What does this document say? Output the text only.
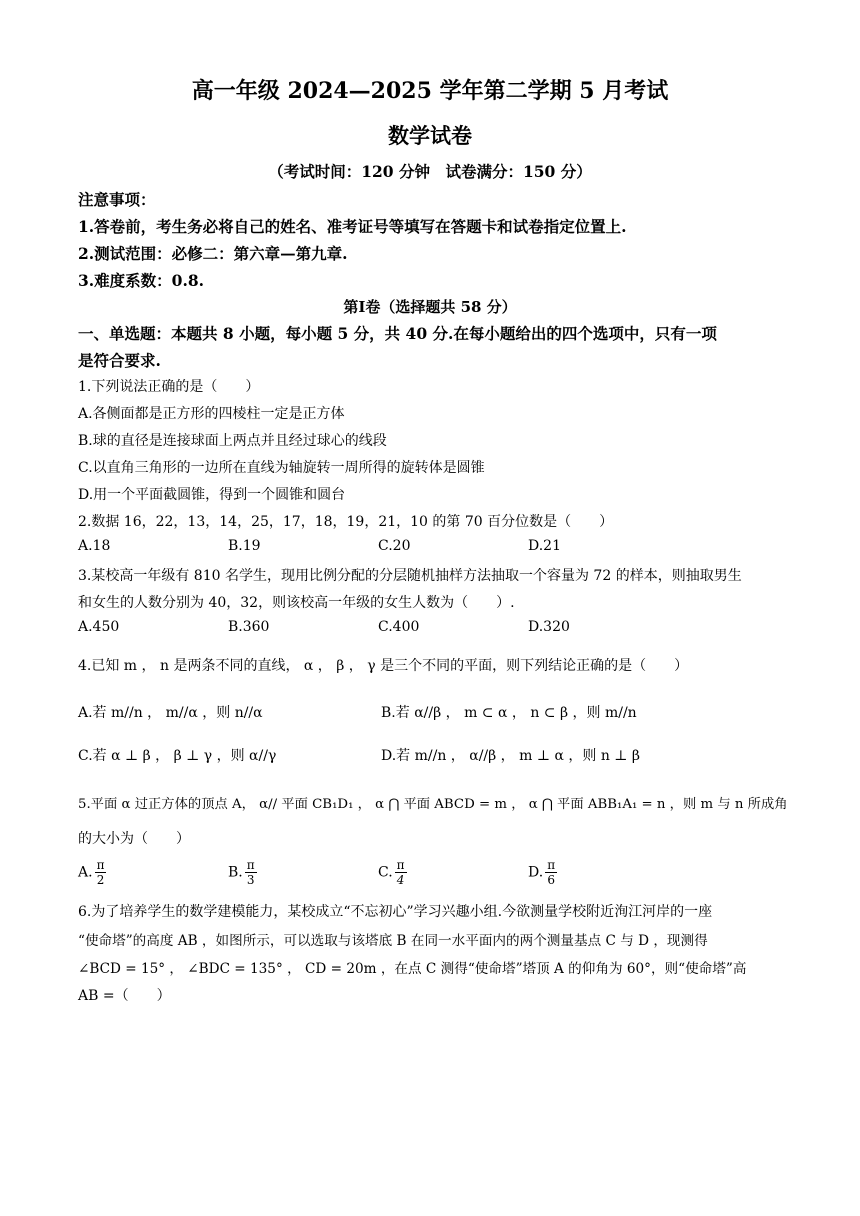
高一年级 2024—2025 学年第二学期 5 月考试
数学试卷
（考试时间：120 分钟　试卷满分：150 分）
注意事项：
1.答卷前，考生务必将自己的姓名、准考证号等填写在答题卡和试卷指定位置上.
2.测试范围：必修二：第六章—第九章.
3.难度系数：0.8.
第Ⅰ卷（选择题共 58 分）
一、单选题：本题共 8 小题，每小题 5 分，共 40 分.在每小题给出的四个选项中，只有一项
是符合要求.
1.下列说法正确的是（　　）
A.各侧面都是正方形的四棱柱一定是正方体
B.球的直径是连接球面上两点并且经过球心的线段
C.以直角三角形的一边所在直线为轴旋转一周所得的旋转体是圆锥
D.用一个平面截圆锥，得到一个圆锥和圆台
2.数据 16，22，13，14，25，17，18，19，21，10 的第 70 百分位数是（　　）
A.18	B.19	C.20	D.21
3.某校高一年级有 810 名学生，现用比例分配的分层随机抽样方法抽取一个容量为 72 的样本，则抽取男生
和女生的人数分别为 40，32，则该校高一年级的女生人数为（　　）.
A.450	B.360	C.400	D.320
4.已知 m ， n 是两条不同的直线， α ， β ， γ 是三个不同的平面，则下列结论正确的是（　　）
A.若 m//n ， m//α ，则 n//α	B.若 α//β ， m ⊂ α ， n ⊂ β ，则 m//n
C.若 α ⊥ β ， β ⊥ γ ，则 α//γ	D.若 m//n ， α//β ， m ⊥ α ，则 n ⊥ β
5.平面 α 过正方体的顶点 A， α// 平面 CB₁D₁ ， α ⋂ 平面 ABCD = m ， α ⋂ 平面 ABB₁A₁ = n ，则 m 与 n 所成角
的大小为（　　）
A. $\frac{\pi}{2}$	B. $\frac{\pi}{3}$	C. $\frac{\pi}{4}$	D. $\frac{\pi}{6}$
6.为了培养学生的数学建模能力，某校成立“不忘初心”学习兴趣小组.今欲测量学校附近洵江河岸的一座
“使命塔”的高度 AB ，如图所示，可以选取与该塔底 B 在同一水平面内的两个测量基点 C 与 D ，现测得
∠BCD = 15° ， ∠BDC = 135° ， CD = 20m ，在点 C 测得“使命塔”塔顶 A 的仰角为 60°，则“使命塔”高
AB =（　　）
